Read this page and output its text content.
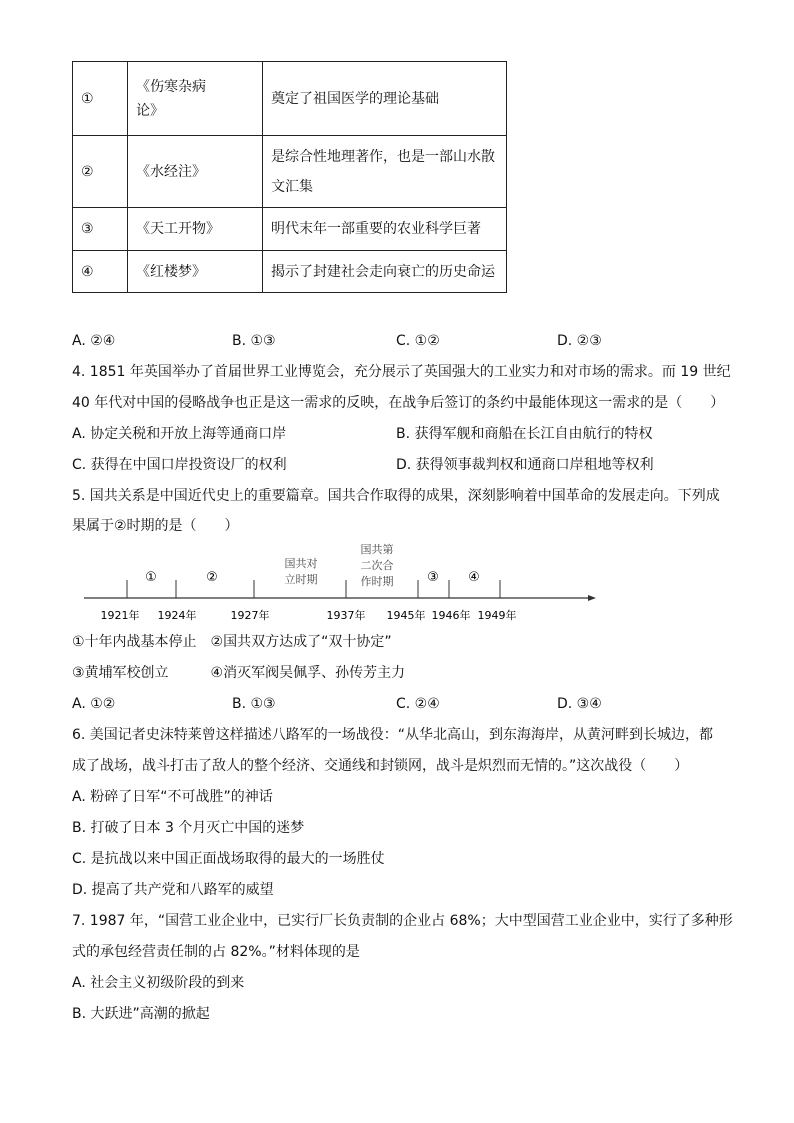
①	《伤寒杂病论》	奠定了祖国医学的理论基础
②	《水经注》	是综合性地理著作，也是一部山水散文汇集
③	《天工开物》	明代末年一部重要的农业科学巨著
④	《红楼梦》	揭示了封建社会走向衰亡的历史命运
A. ②④	B. ①③	C. ①②	D. ②③
4. 1851 年英国举办了首届世界工业博览会，充分展示了英国强大的工业实力和对市场的需求。而 19 世纪
40 年代对中国的侵略战争也正是这一需求的反映，在战争后签订的条约中最能体现这一需求的是（　　）
A. 协定关税和开放上海等通商口岸	B. 获得军舰和商船在长江自由航行的特权
C. 获得在中国口岸投资设厂的权利	D. 获得领事裁判权和通商口岸租地等权利
5. 国共关系是中国近代史上的重要篇章。国共合作取得的成果，深刻影响着中国革命的发展走向。下列成
果属于②时期的是（　　）
①	②
国共对
立时期
国共第
二次合
作时期	③ ④
1921年 1924年	1927年	1937年 1945年 1946年 1949年
①十年内战基本停止　②国共双方达成了“双十协定”
③黄埔军校创立　　　④消灭军阀吴佩孚、孙传芳主力
A. ①②	B. ①③	C. ②④	D. ③④
6. 美国记者史沫特莱曾这样描述八路军的一场战役：“从华北高山，到东海海岸，从黄河畔到长城边，都
成了战场，战斗打击了敌人的整个经济、交通线和封锁网，战斗是炽烈而无情的。”这次战役（　　）
A. 粉碎了日军“不可战胜”的神话
B. 打破了日本 3 个月灭亡中国的迷梦
C. 是抗战以来中国正面战场取得的最大的一场胜仗
D. 提高了共产党和八路军的威望
7. 1987 年，“国营工业企业中，已实行厂长负责制的企业占 68%；大中型国营工业企业中，实行了多种形
式的承包经营责任制的占 82%。”材料体现的是
A. 社会主义初级阶段的到来
B. 大跃进”高潮的掀起
